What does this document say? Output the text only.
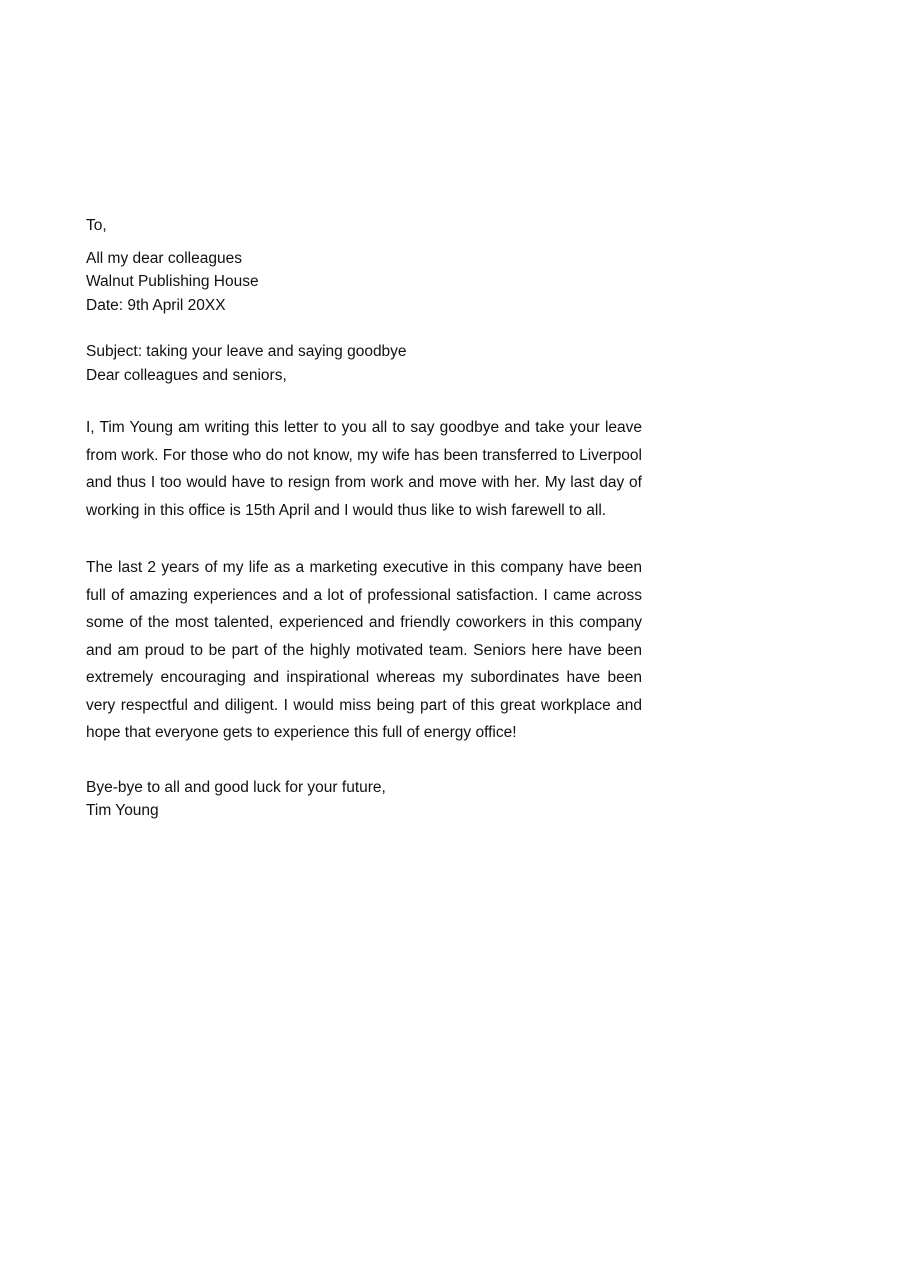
To,
All my dear colleagues
Walnut Publishing House
Date: 9th April 20XX
Subject: taking your leave and saying goodbye
Dear colleagues and seniors,

I, Tim Young am writing this letter to you all to say goodbye and take your leave from work. For those who do not know, my wife has been transferred to Liverpool and thus I too would have to resign from work and move with her. My last day of working in this office is 15th April and I would thus like to wish farewell to all.

The last 2 years of my life as a marketing executive in this company have been full of amazing experiences and a lot of professional satisfaction. I came across some of the most talented, experienced and friendly coworkers in this company and am proud to be part of the highly motivated team. Seniors here have been extremely encouraging and inspirational whereas my subordinates have been very respectful and diligent. I would miss being part of this great workplace and hope that everyone gets to experience this full of energy office!

Bye-bye to all and good luck for your future,
Tim Young
